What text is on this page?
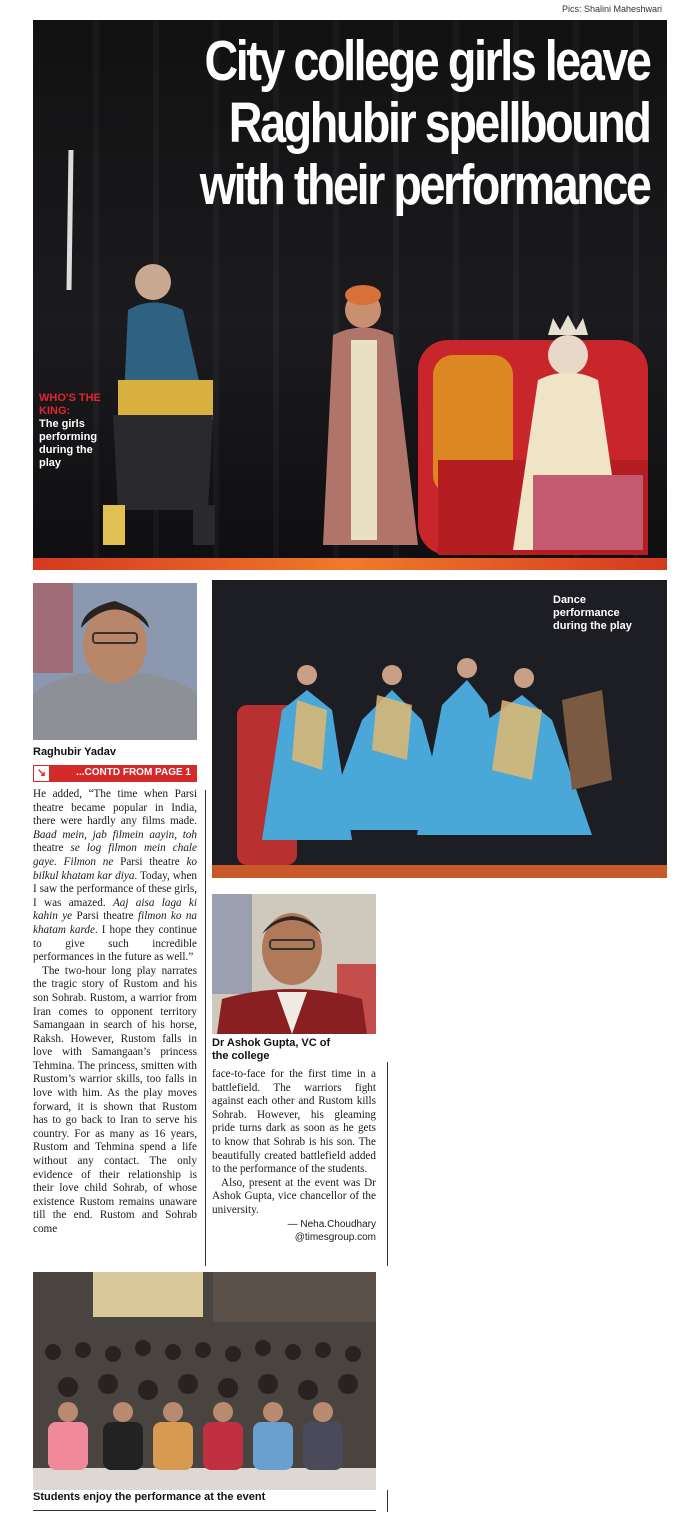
Pics: Shalini Maheshwari
City college girls leave
Raghubir spellbound
with their performance
WHO'S THE
KING:
The girls
performing
during the
play
Raghubir Yadav
↘	...CONTD FROM PAGE 1
Dance
performance
during the play
Dr Ashok Gupta, VC of
the college

He added, “The time when Parsi theatre became popular in India, there were hardly any films made. Baad mein, jab filmein aayin, toh theatre se log filmon mein chale gaye. Filmon ne Parsi theatre ko bilkul khatam kar diya. Today, when I saw the performance of these girls, I was amazed. Aaj aisa laga ki kahin ye Parsi theatre filmon ko na khatam karde. I hope they continue to give such incredible performances in the future as well.”

The two-hour long play narrates the tragic story of Rustom and his son Sohrab. Rustom, a warrior from Iran comes to opponent territory Samangaan in search of his horse, Raksh. However, Rustom falls in love with Samangaan’s princess Tehmina. The princess, smitten with Rustom’s warrior skills, too falls in love with him. As the play moves forward, it is shown that Rustom has to go back to Iran to serve his country. For as many as 16 years, Rustom and Tehmina spend a life without any contact. The only evidence of their relationship is their love child Sohrab, of whose existence Rustom remains unaware till the end. Rustom and Sohrab come

face-to-face for the first time in a battlefield. The warriors fight against each other and Rustom kills Sohrab. However, his gleaming pride turns dark as soon as he gets to know that Sohrab is his son. The beautifully created battlefield added to the performance of the students.

Also, present at the event was Dr Ashok Gupta, vice chancellor of the university.

— Neha.Choudhary
@timesgroup.com
Students enjoy the performance at the event
